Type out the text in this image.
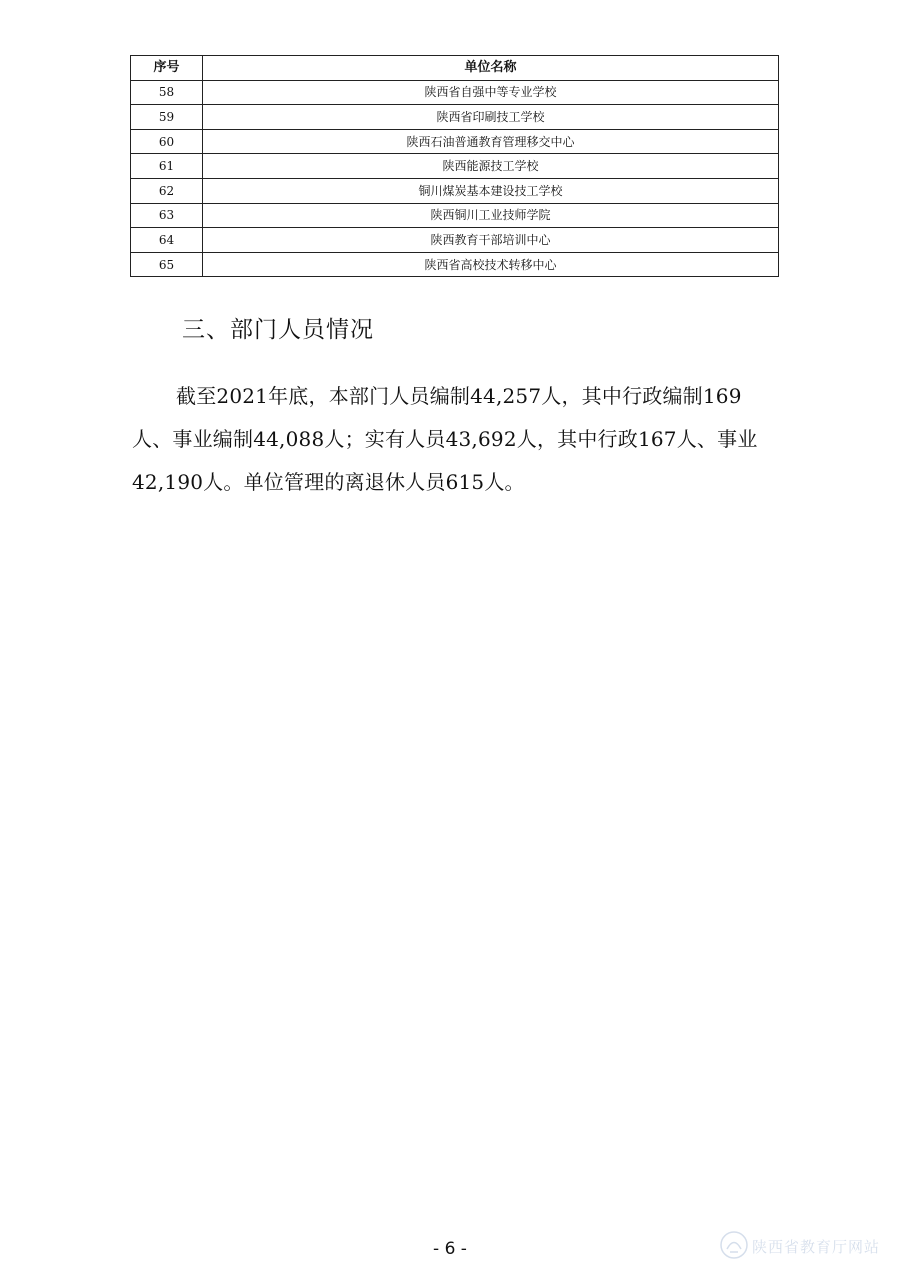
序号	单位名称
58	陕西省自强中等专业学校
59	陕西省印刷技工学校
60	陕西石油普通教育管理移交中心
61	陕西能源技工学校
62	铜川煤炭基本建设技工学校
63	陕西铜川工业技师学院
64	陕西教育干部培训中心
65	陕西省高校技术转移中心
三、部门人员情况

截至2021年底，本部门人员编制44,257人，其中行政编制169人、事业编制44,088人；实有人员43,692人，其中行政167人、事业42,190人。单位管理的离退休人员615人。

- 6 -	陕西省教育厅网站
